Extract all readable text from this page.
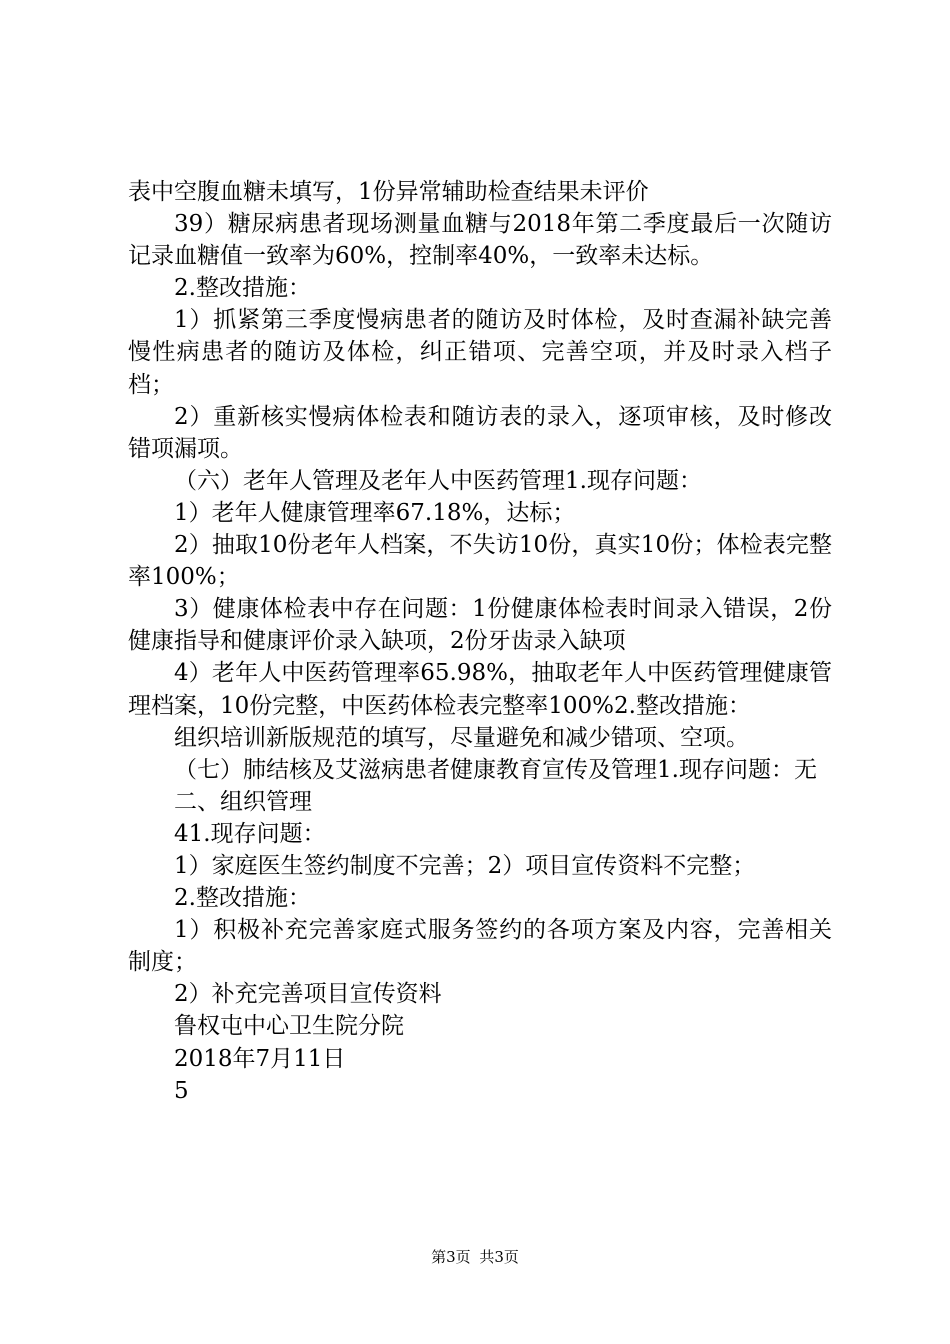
表中空腹血糖未填写，1份异常辅助检查结果未评价

39）糖尿病患者现场测量血糖与2018年第二季度最后一次随访记录血糖值一致率为60%，控制率40%，一致率未达标。

2.整改措施：

1）抓紧第三季度慢病患者的随访及时体检，及时查漏补缺完善慢性病患者的随访及体检，纠正错项、完善空项，并及时录入档子档；

2）重新核实慢病体检表和随访表的录入，逐项审核，及时修改错项漏项。

（六）老年人管理及老年人中医药管理1.现存问题：

1）老年人健康管理率67.18%，达标；

2）抽取10份老年人档案，不失访10份，真实10份；体检表完整率100%；

3）健康体检表中存在问题：1份健康体检表时间录入错误，2份健康指导和健康评价录入缺项，2份牙齿录入缺项

4）老年人中医药管理率65.98%，抽取老年人中医药管理健康管理档案，10份完整，中医药体检表完整率100%2.整改措施：

组织培训新版规范的填写，尽量避免和减少错项、空项。

（七）肺结核及艾滋病患者健康教育宣传及管理1.现存问题：无

二、组织管理

41.现存问题：

1）家庭医生签约制度不完善；2）项目宣传资料不完整；

2.整改措施：

1）积极补充完善家庭式服务签约的各项方案及内容，完善相关制度；

2）补充完善项目宣传资料

鲁权屯中心卫生院分院

2018年7月11日

5

第3页 共3页
